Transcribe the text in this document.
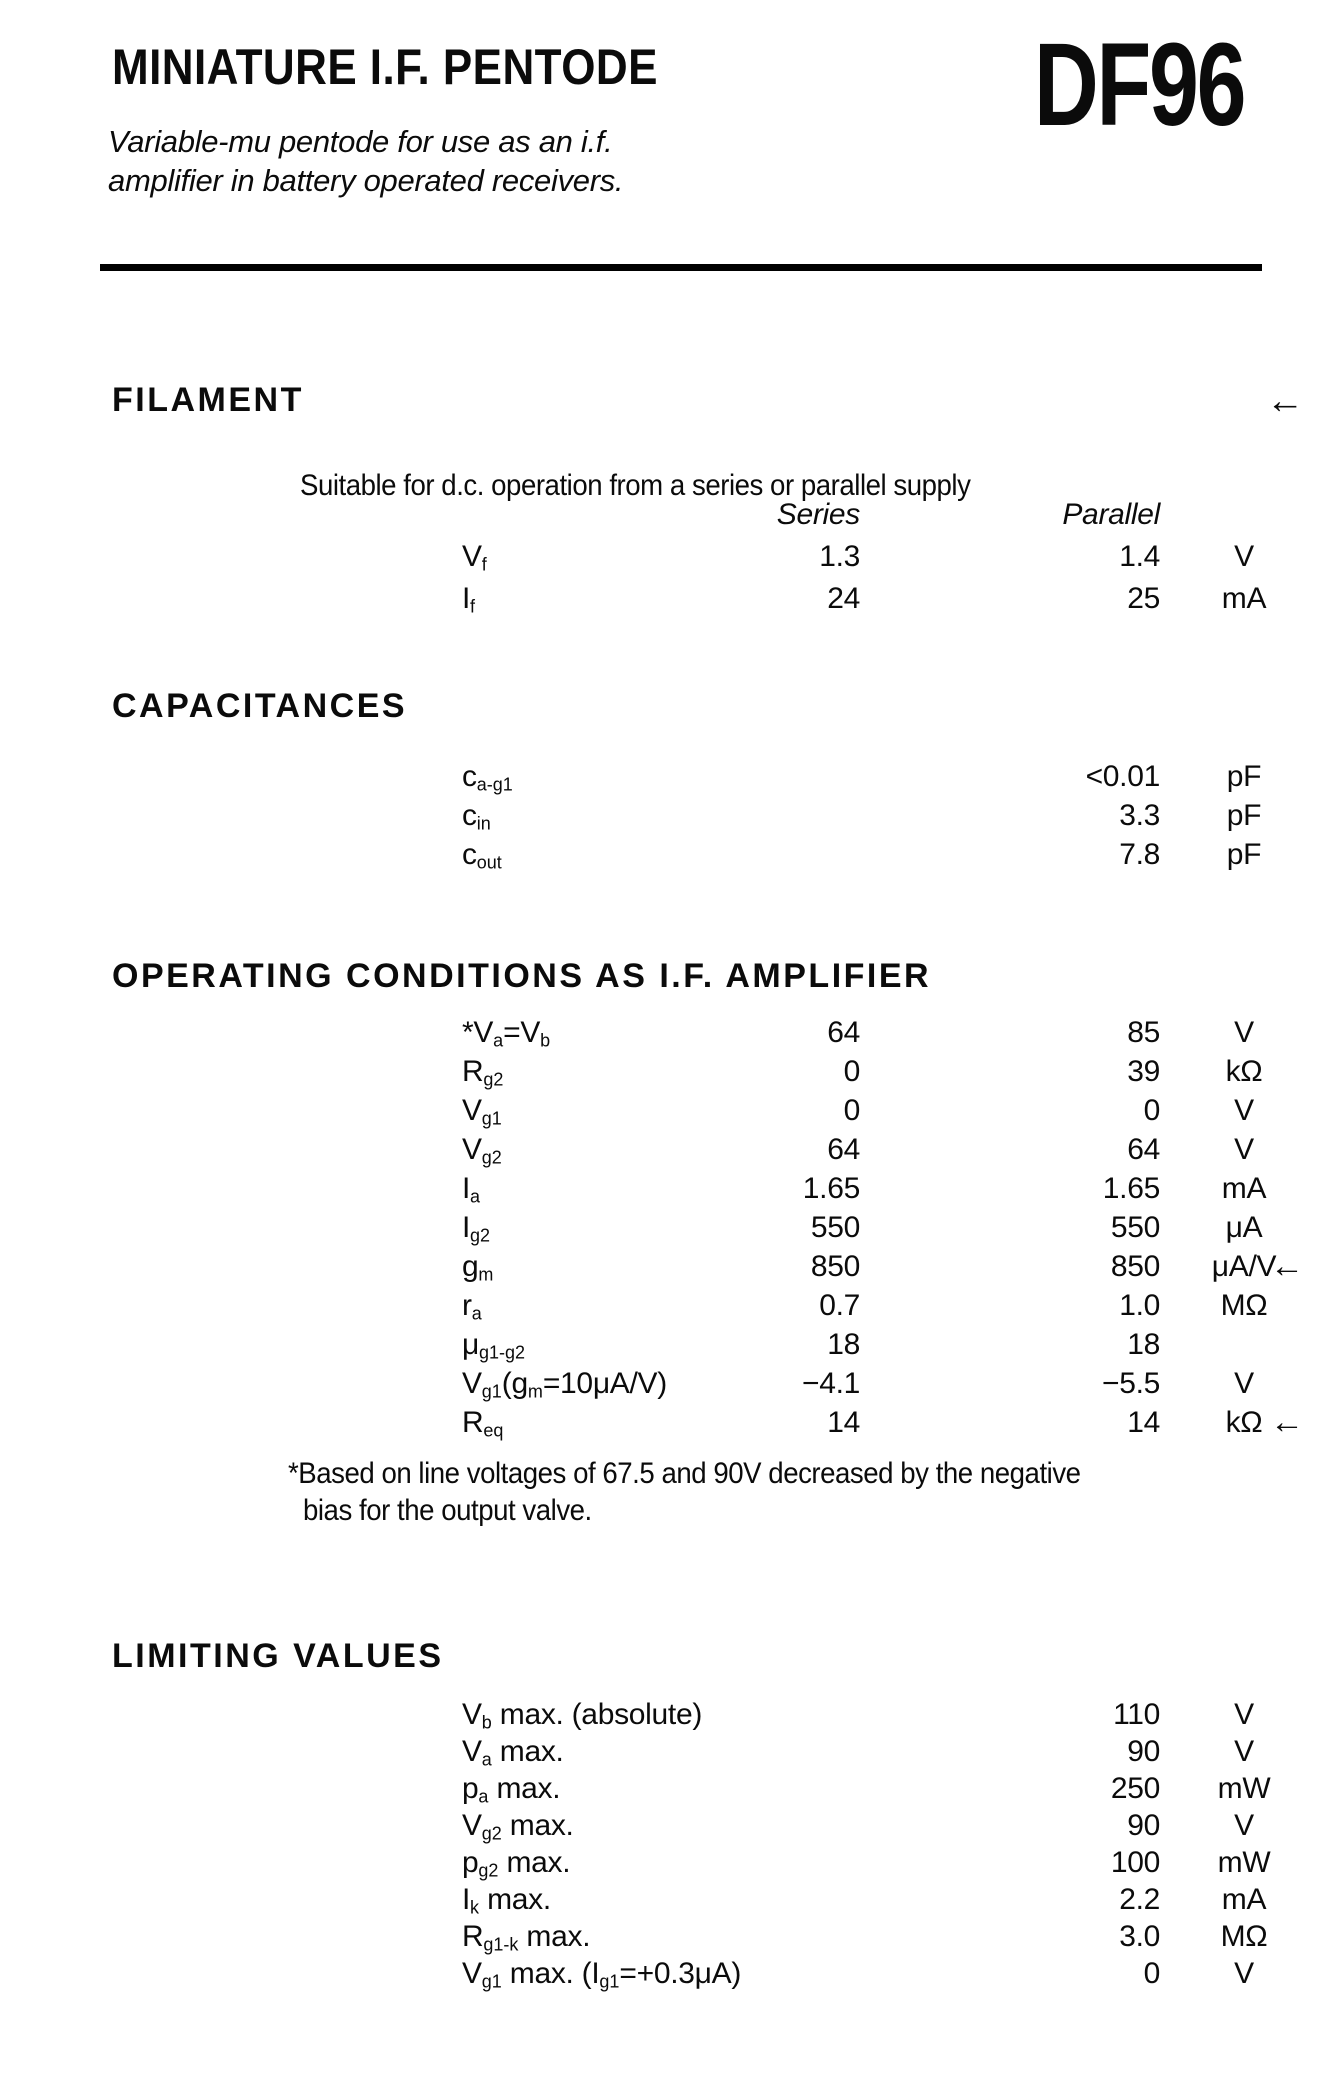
MINIATURE I.F. PENTODE
Variable-mu pentode for use as an i.f.
amplifier in battery operated receivers.
DF96
FILAMENT	←
Suitable for d.c. operation from a series or parallel supply
Series	Parallel
$V_f$	1.3	1.4	V
$I_f$	24	25	mA
CAPACITANCES
$c_{a-g1}$	<0.01	pF
$c_{in}$	3.3	pF
$c_{out}$	7.8	pF
OPERATING CONDITIONS AS I.F. AMPLIFIER
$*V_a=V_b$	64	85	V
$R_{g2}$	0	39	kΩ
$V_{g1}$	0	0	V
$V_{g2}$	64	64	V
$I_a$	1.65	1.65	mA
$I_{g2}$	550	550	μA
$g_m$	850	850	μA/V
←
$r_a$	0.7	1.0	MΩ
$\mu_{g1-g2}$	18	18
$V_{g1}(g_m=10\mu A/V)$	−4.1	−5.5	V
$R_{eq}$	14	14	kΩ ←
*Based on line voltages of 67.5 and 90V decreased by the negative
bias for the output valve.
LIMITING VALUES
$V_b$ max. (absolute)	110	V
$V_a$ max.	90	V
$p_a$ max.	250	mW
$V_{g2}$ max.	90	V
$p_{g2}$ max.	100	mW
$I_k$ max.	2.2	mA
$R_{g1-k}$ max.	3.0	MΩ
$V_{g1}$ max. $(I_{g1}=+0.3\mu A)$	0	V
